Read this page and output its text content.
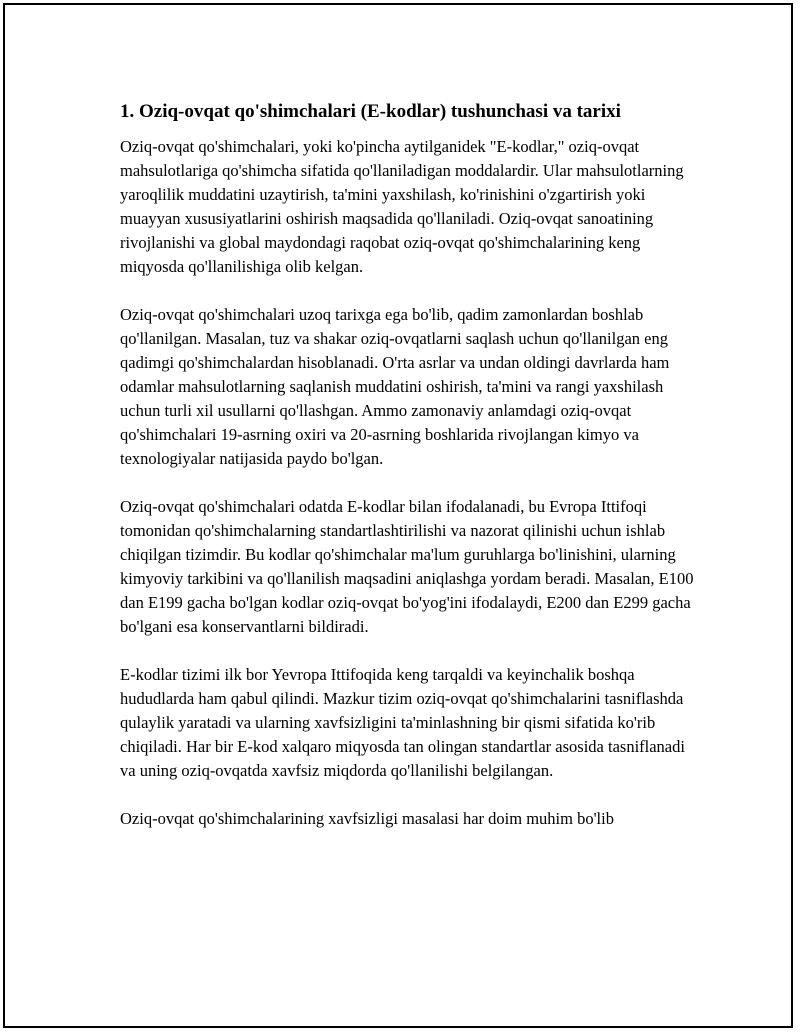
1. Oziq-ovqat qo'shimchalari (E-kodlar) tushunchasi va tarixi

Oziq-ovqat qo'shimchalari, yoki ko'pincha aytilganidek "E-kodlar," oziq-ovqat mahsulotlariga qo'shimcha sifatida qo'llaniladigan moddalardir. Ular mahsulotlarning yaroqlilik muddatini uzaytirish, ta'mini yaxshilash, ko'rinishini o'zgartirish yoki muayyan xususiyatlarini oshirish maqsadida qo'llaniladi. Oziq-ovqat sanoatining rivojlanishi va global maydondagi raqobat oziq-ovqat qo'shimchalarining keng miqyosda qo'llanilishiga olib kelgan.

Oziq-ovqat qo'shimchalari uzoq tarixga ega bo'lib, qadim zamonlardan boshlab qo'llanilgan. Masalan, tuz va shakar oziq-ovqatlarni saqlash uchun qo'llanilgan eng qadimgi qo'shimchalardan hisoblanadi. O'rta asrlar va undan oldingi davrlarda ham odamlar mahsulotlarning saqlanish muddatini oshirish, ta'mini va rangi yaxshilash uchun turli xil usullarni qo'llashgan. Ammo zamonaviy anlamdagi oziq-ovqat qo'shimchalari 19-asrning oxiri va 20-asrning boshlarida rivojlangan kimyo va texnologiyalar natijasida paydo bo'lgan.

Oziq-ovqat qo'shimchalari odatda E-kodlar bilan ifodalanadi, bu Evropa Ittifoqi tomonidan qo'shimchalarning standartlashtirilishi va nazorat qilinishi uchun ishlab chiqilgan tizimdir. Bu kodlar qo'shimchalar ma'lum guruhlarga bo'linishini, ularning kimyoviy tarkibini va qo'llanilish maqsadini aniqlashga yordam beradi. Masalan, E100 dan E199 gacha bo'lgan kodlar oziq-ovqat bo'yog'ini ifodalaydi, E200 dan E299 gacha bo'lgani esa konservantlarni bildiradi.

E-kodlar tizimi ilk bor Yevropa Ittifoqida keng tarqaldi va keyinchalik boshqa hududlarda ham qabul qilindi. Mazkur tizim oziq-ovqat qo'shimchalarini tasniflashda qulaylik yaratadi va ularning xavfsizligini ta'minlashning bir qismi sifatida ko'rib chiqiladi. Har bir E-kod xalqaro miqyosda tan olingan standartlar asosida tasniflanadi va uning oziq-ovqatda xavfsiz miqdorda qo'llanilishi belgilangan.

Oziq-ovqat qo'shimchalarining xavfsizligi masalasi har doim muhim bo'lib
